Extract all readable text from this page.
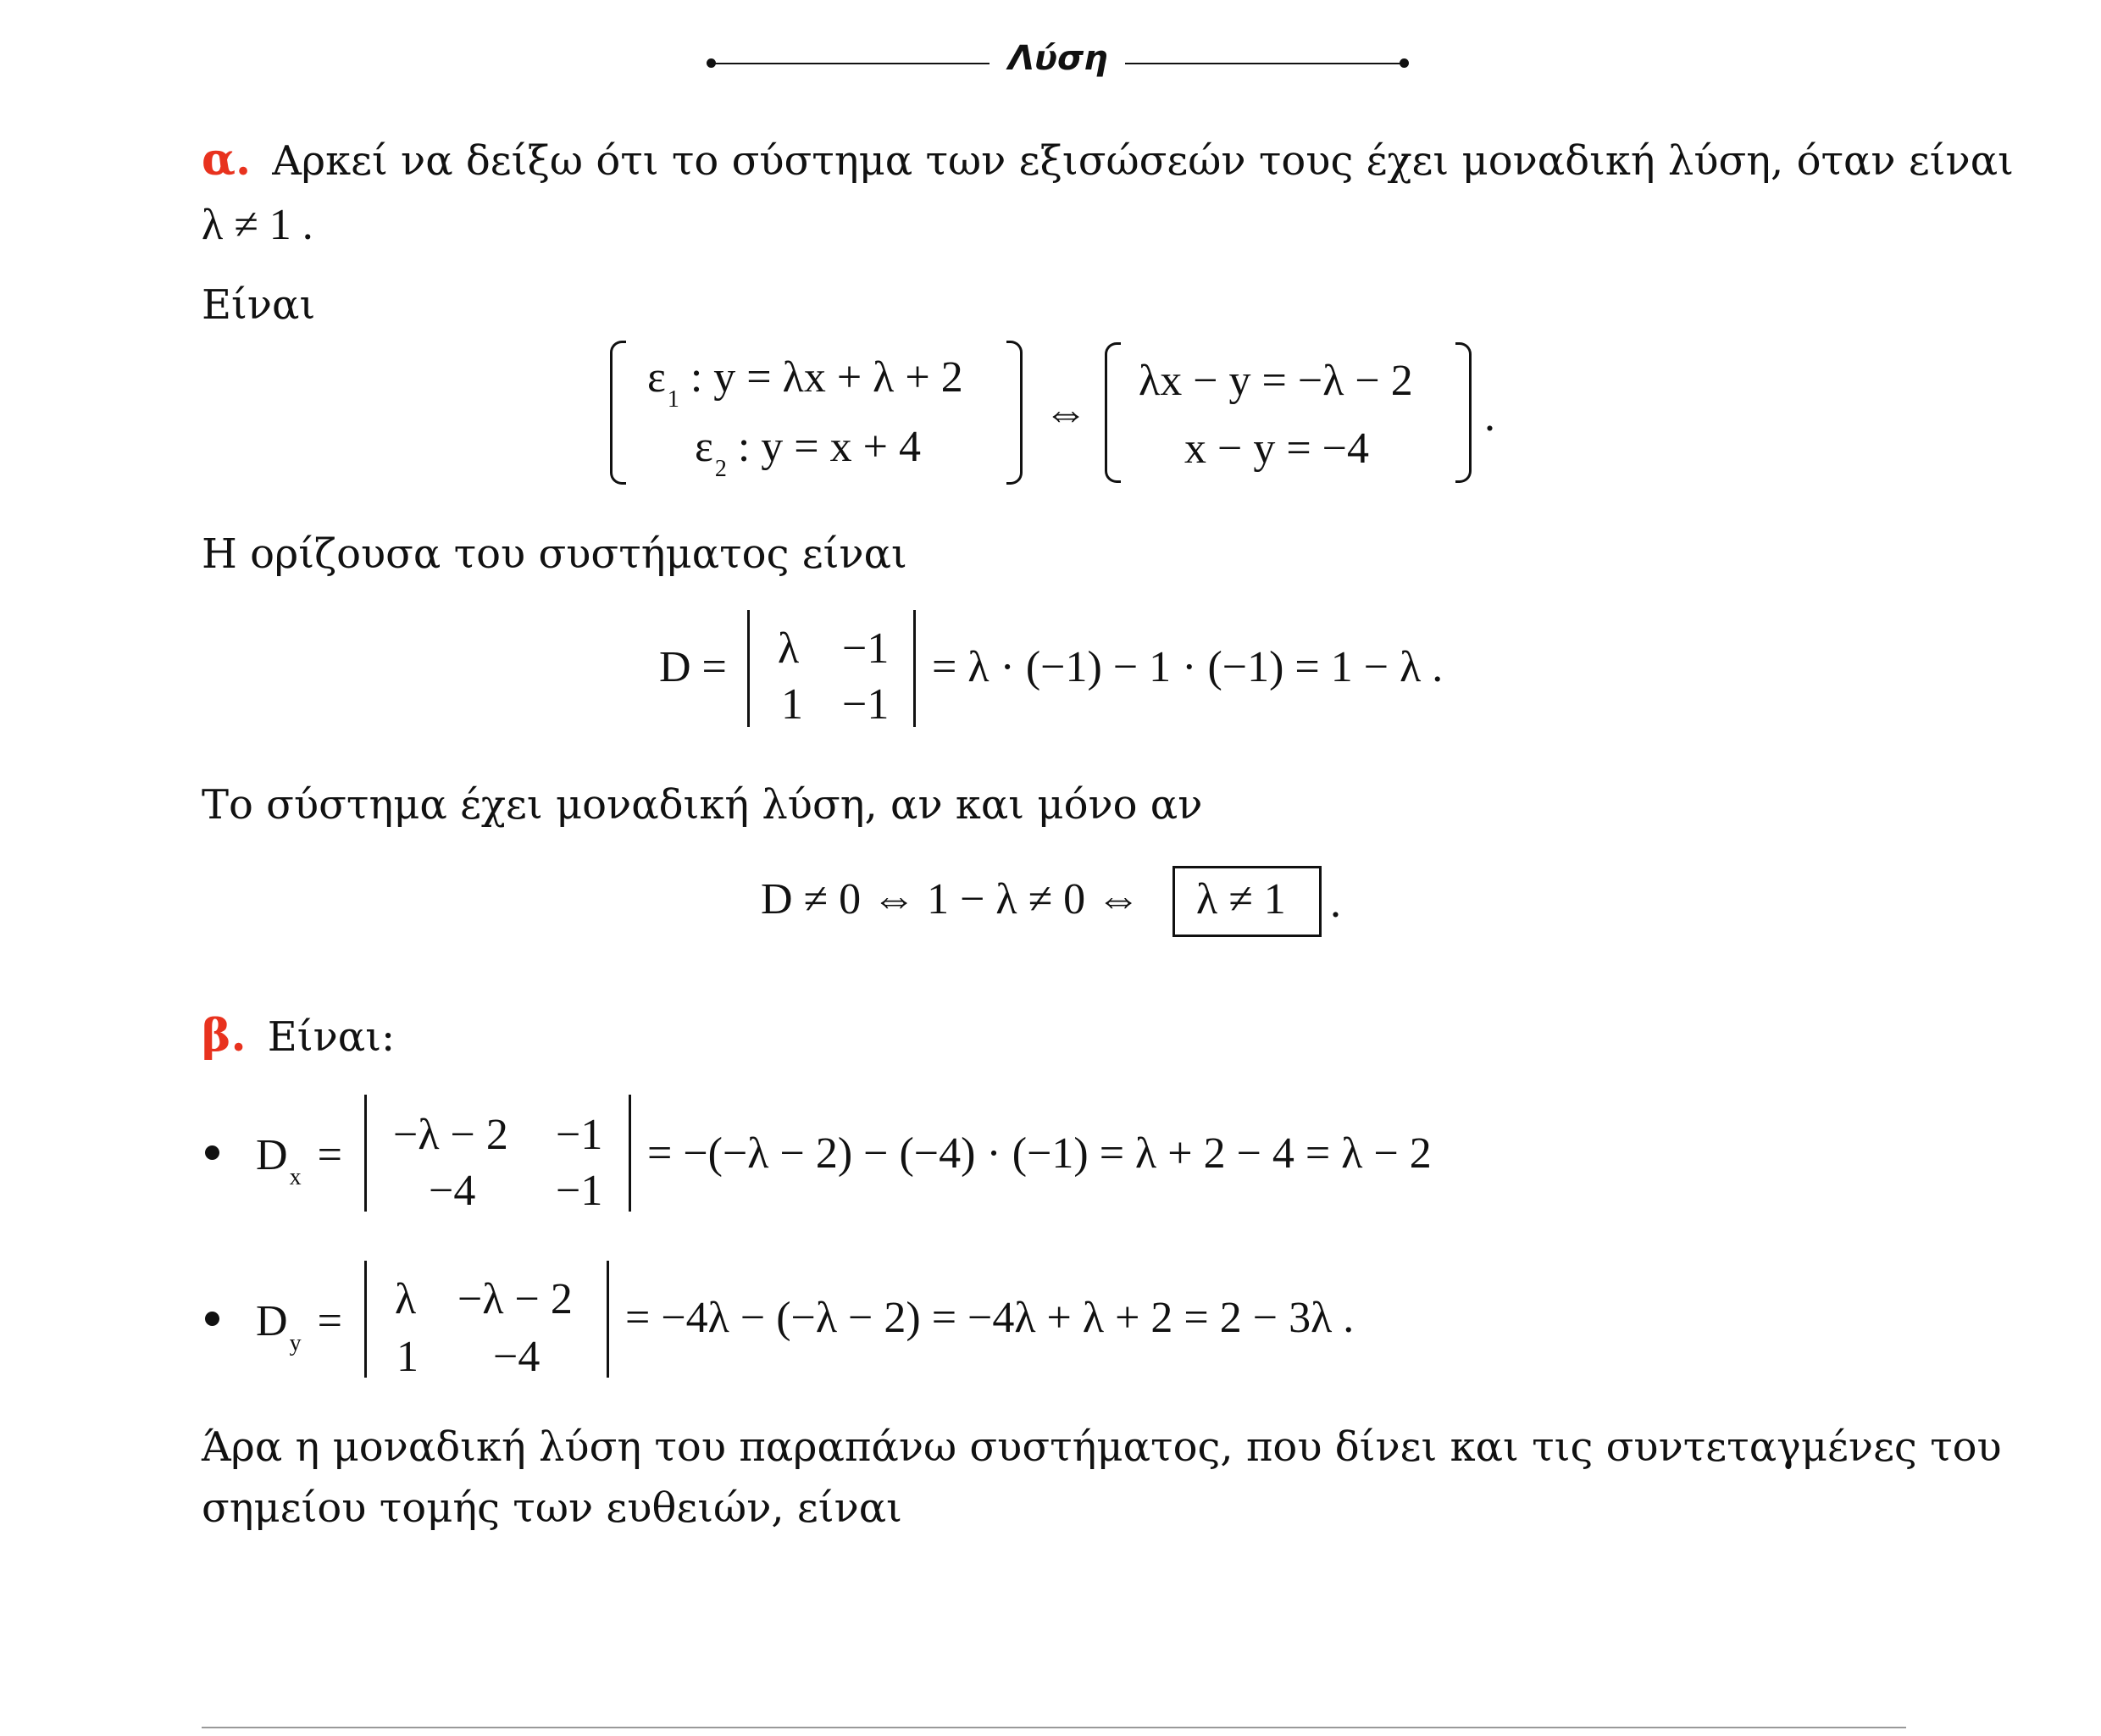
Λύση
α. Αρκεί να δείξω ότι το σύστημα των εξισώσεών τους έχει μοναδική λύση, όταν είναι
λ ≠ 1 .
Είναι
$\varepsilon_1$ : y = λx + λ + 2
$\varepsilon_2$ : y = x + 4
⇔
λx − y = −λ − 2
x − y = −4
.
Η ορίζουσα του συστήματος είναι
D = λ −1
1 −1
= λ · (−1) − 1 · (−1) = 1 − λ .
Το σύστημα έχει μοναδική λύση, αν και μόνο αν
D ≠ 0 ⇔ 1 − λ ≠ 0 ⇔ λ ≠ 1 .
β. Είναι:
$D_x = -\lambda - 2 -1$
−4 −1
= −(−λ − 2) − (−4) · (−1) = λ + 2 − 4 = λ − 2
$D_y = \lambda -\lambda - 2$
1 −4
= −4λ − (−λ − 2) = −4λ + λ + 2 = 2 − 3λ .
Άρα η μοναδική λύση του παραπάνω συστήματος, που δίνει και τις συντεταγμένες του
σημείου τομής των ευθειών, είναι
